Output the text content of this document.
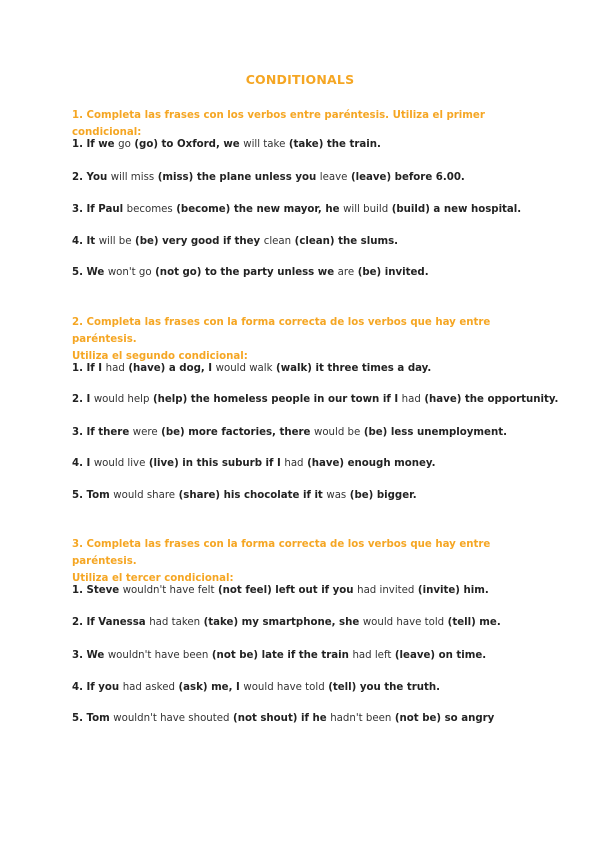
CONDITIONALS
1. Completa las frases con los verbos entre paréntesis. Utiliza el primer condicional:
1. If we go (go) to Oxford, we will take (take) the train.
2. You will miss (miss) the plane unless you leave (leave) before 6.00.
3. If Paul becomes (become) the new mayor, he will build (build) a new hospital.
4. It will be (be) very good if they clean (clean) the slums.
5. We won't go (not go) to the party unless we are (be) invited.
2. Completa las frases con la forma correcta de los verbos que hay entre paréntesis.
Utiliza el segundo condicional:
1. If I had (have) a dog, I would walk (walk) it three times a day.
2. I would help (help) the homeless people in our town if I had (have) the opportunity.
3. If there were (be) more factories, there would be (be) less unemployment.
4. I would live (live) in this suburb if I had (have) enough money.
5. Tom would share (share) his chocolate if it was (be) bigger.
3. Completa las frases con la forma correcta de los verbos que hay entre paréntesis.
Utiliza el tercer condicional:
1. Steve wouldn't have felt (not feel) left out if you had invited (invite) him.
2. If Vanessa had taken (take) my smartphone, she would have told (tell) me.
3. We wouldn't have been (not be) late if the train had left (leave) on time.
4. If you had asked (ask) me, I would have told (tell) you the truth.
5. Tom wouldn't have shouted (not shout) if he hadn't been (not be) so angry
